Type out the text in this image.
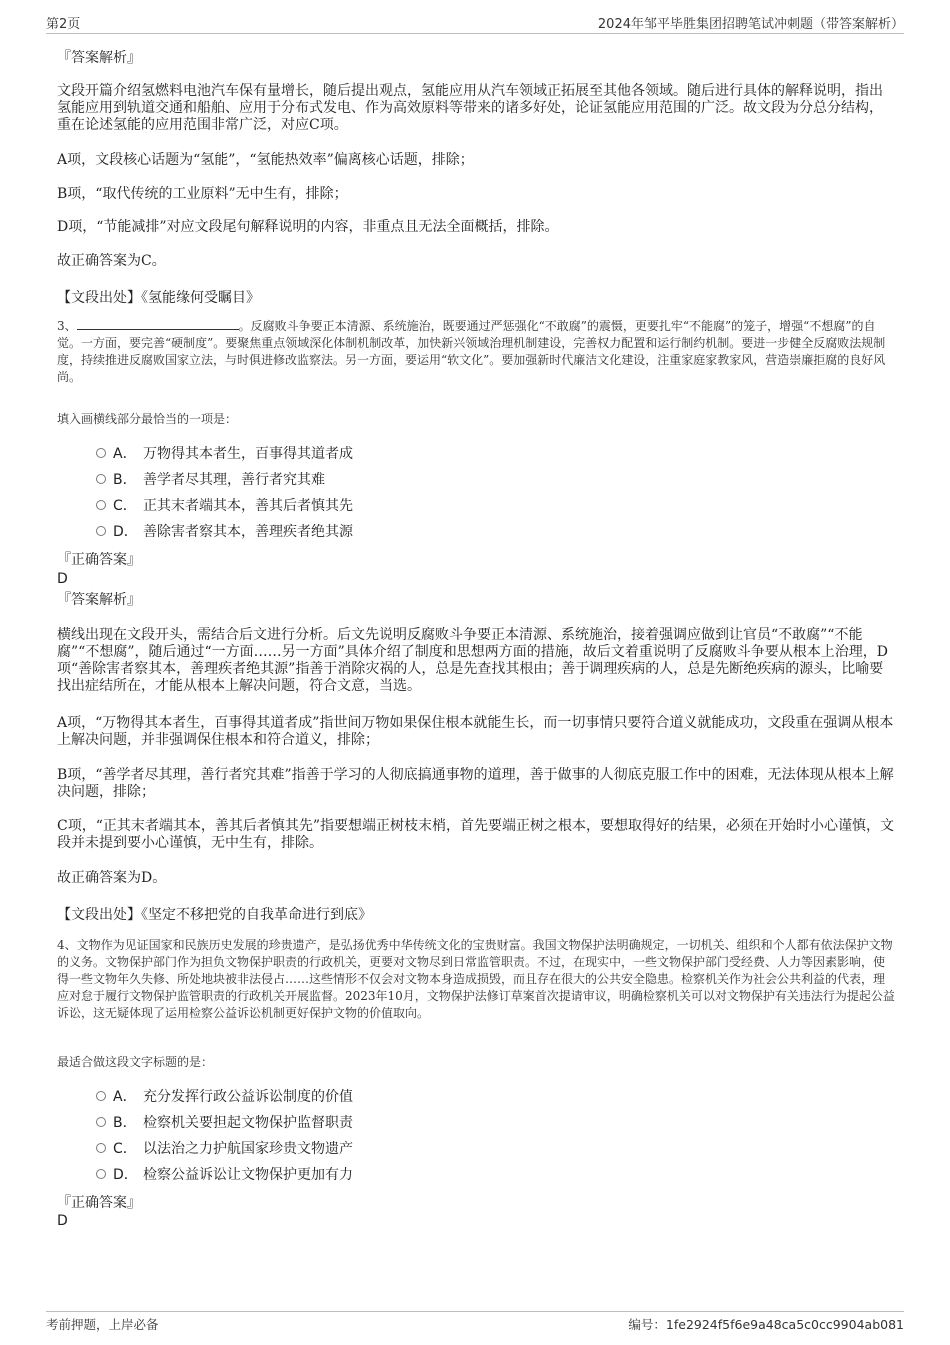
第2页	2024年邹平毕胜集团招聘笔试冲刺题（带答案解析）
『答案解析』
文段开篇介绍氢燃料电池汽车保有量增长，随后提出观点，氢能应用从汽车领域正拓展至其他各领域。随后进行具体的解释说明，指出氢能应用到轨道交通和船舶、应用于分布式发电、作为高效原料等带来的诸多好处，论证氢能应用范围的广泛。故文段为分总分结构，重在论述氢能的应用范围非常广泛，对应C项。
A项，文段核心话题为“氢能”，“氢能热效率”偏离核心话题，排除；
B项，“取代传统的工业原料”无中生有，排除；
D项，“节能减排”对应文段尾句解释说明的内容，非重点且无法全面概括，排除。
故正确答案为C。
【文段出处】《氢能缘何受瞩目》
3、	。反腐败斗争要正本清源、系统施治，既要通过严惩强化“不敢腐”的震慑，更要扎牢“不能腐”的笼子，增强“不想腐”的自觉。一方面，要完善“硬制度”。要聚焦重点领域深化体制机制改革，加快新兴领域治理机制建设，完善权力配置和运行制约机制。要进一步健全反腐败法规制度，持续推进反腐败国家立法，与时俱进修改监察法。另一方面，要运用“软文化”。要加强新时代廉洁文化建设，注重家庭家教家风，营造崇廉拒腐的良好风尚。
填入画横线部分最恰当的一项是：
A． 万物得其本者生，百事得其道者成
B． 善学者尽其理，善行者究其难
C． 正其末者端其本，善其后者慎其先
D． 善除害者察其本，善理疾者绝其源
『正确答案』
D
『答案解析』
横线出现在文段开头，需结合后文进行分析。后文先说明反腐败斗争要正本清源、系统施治，接着强调应做到让官员“不敢腐”“不能腐”“不想腐”，随后通过“一方面……另一方面”具体介绍了制度和思想两方面的措施，故后文着重说明了反腐败斗争要从根本上治理，D项“善除害者察其本，善理疾者绝其源”指善于消除灾祸的人，总是先查找其根由；善于调理疾病的人，总是先断绝疾病的源头，比喻要找出症结所在，才能从根本上解决问题，符合文意，当选。
A项，“万物得其本者生，百事得其道者成”指世间万物如果保住根本就能生长，而一切事情只要符合道义就能成功，文段重在强调从根本上解决问题，并非强调保住根本和符合道义，排除；
B项，“善学者尽其理，善行者究其难”指善于学习的人彻底搞通事物的道理，善于做事的人彻底克服工作中的困难，无法体现从根本上解决问题，排除；
C项，“正其末者端其本，善其后者慎其先”指要想端正树枝末梢，首先要端正树之根本，要想取得好的结果，必须在开始时小心谨慎，文段并未提到要小心谨慎，无中生有，排除。
故正确答案为D。
【文段出处】《坚定不移把党的自我革命进行到底》
4、文物作为见证国家和民族历史发展的珍贵遗产，是弘扬优秀中华传统文化的宝贵财富。我国文物保护法明确规定，一切机关、组织和个人都有依法保护文物的义务。文物保护部门作为担负文物保护职责的行政机关，更要对文物尽到日常监管职责。不过，在现实中，一些文物保护部门受经费、人力等因素影响，使得一些文物年久失修、所处地块被非法侵占……这些情形不仅会对文物本身造成损毁，而且存在很大的公共安全隐患。检察机关作为社会公共利益的代表，理应对怠于履行文物保护监管职责的行政机关开展监督。2023年10月，文物保护法修订草案首次提请审议，明确检察机关可以对文物保护有关违法行为提起公益诉讼，这无疑体现了运用检察公益诉讼机制更好保护文物的价值取向。
最适合做这段文字标题的是：
A． 充分发挥行政公益诉讼制度的价值
B． 检察机关要担起文物保护监督职责
C． 以法治之力护航国家珍贵文物遗产
D． 检察公益诉讼让文物保护更加有力
『正确答案』
D
考前押题，上岸必备	编号：1fe2924f5f6e9a48ca5c0cc9904ab081
